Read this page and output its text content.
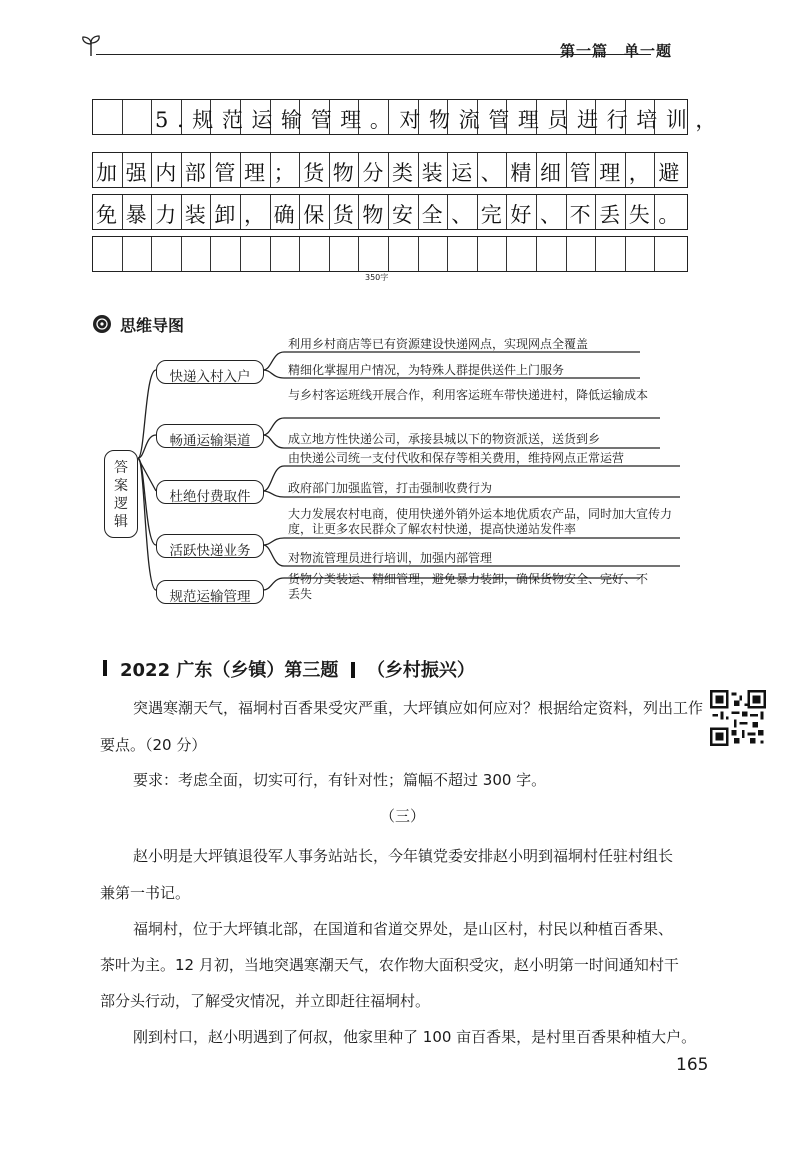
第一篇　单一题
5.规范运输管理。对物流管理员进行培训，
加强内部管理；货物分类装运、精细管理，避
免暴力装卸，确保货物安全、完好、不丢失。
350字
思维导图
答案逻辑
快递入村入户
畅通运输渠道
杜绝付费取件
活跃快递业务
规范运输管理
利用乡村商店等已有资源建设快递网点，实现网点全覆盖
精细化掌握用户情况，为特殊人群提供送件上门服务
与乡村客运班线开展合作，利用客运班车带快递进村，降低运输成本
成立地方性快递公司，承接县城以下的物资派送，送货到乡
由快递公司统一支付代收和保存等相关费用，维持网点正常运营
政府部门加强监管，打击强制收费行为
大力发展农村电商，使用快递外销外运本地优质农产品，同时加大宣传力度，让更多农民群众了解农村快递，提高快递站发件率
对物流管理员进行培训，加强内部管理
货物分类装运、精细管理，避免暴力装卸，确保货物安全、完好、不丢失
2022 广东（乡镇）第三题 （乡村振兴）
突遇寒潮天气，福垌村百香果受灾严重，大坪镇应如何应对？根据给定资料，列出工作
要点。（20 分）
要求：考虑全面，切实可行，有针对性；篇幅不超过 300 字。
（三）
赵小明是大坪镇退役军人事务站站长，今年镇党委安排赵小明到福垌村任驻村组长
兼第一书记。
福垌村，位于大坪镇北部，在国道和省道交界处，是山区村，村民以种植百香果、
茶叶为主。12 月初，当地突遇寒潮天气，农作物大面积受灾，赵小明第一时间通知村干
部分头行动，了解受灾情况，并立即赶往福垌村。
刚到村口，赵小明遇到了何叔，他家里种了 100 亩百香果，是村里百香果种植大户。
165
